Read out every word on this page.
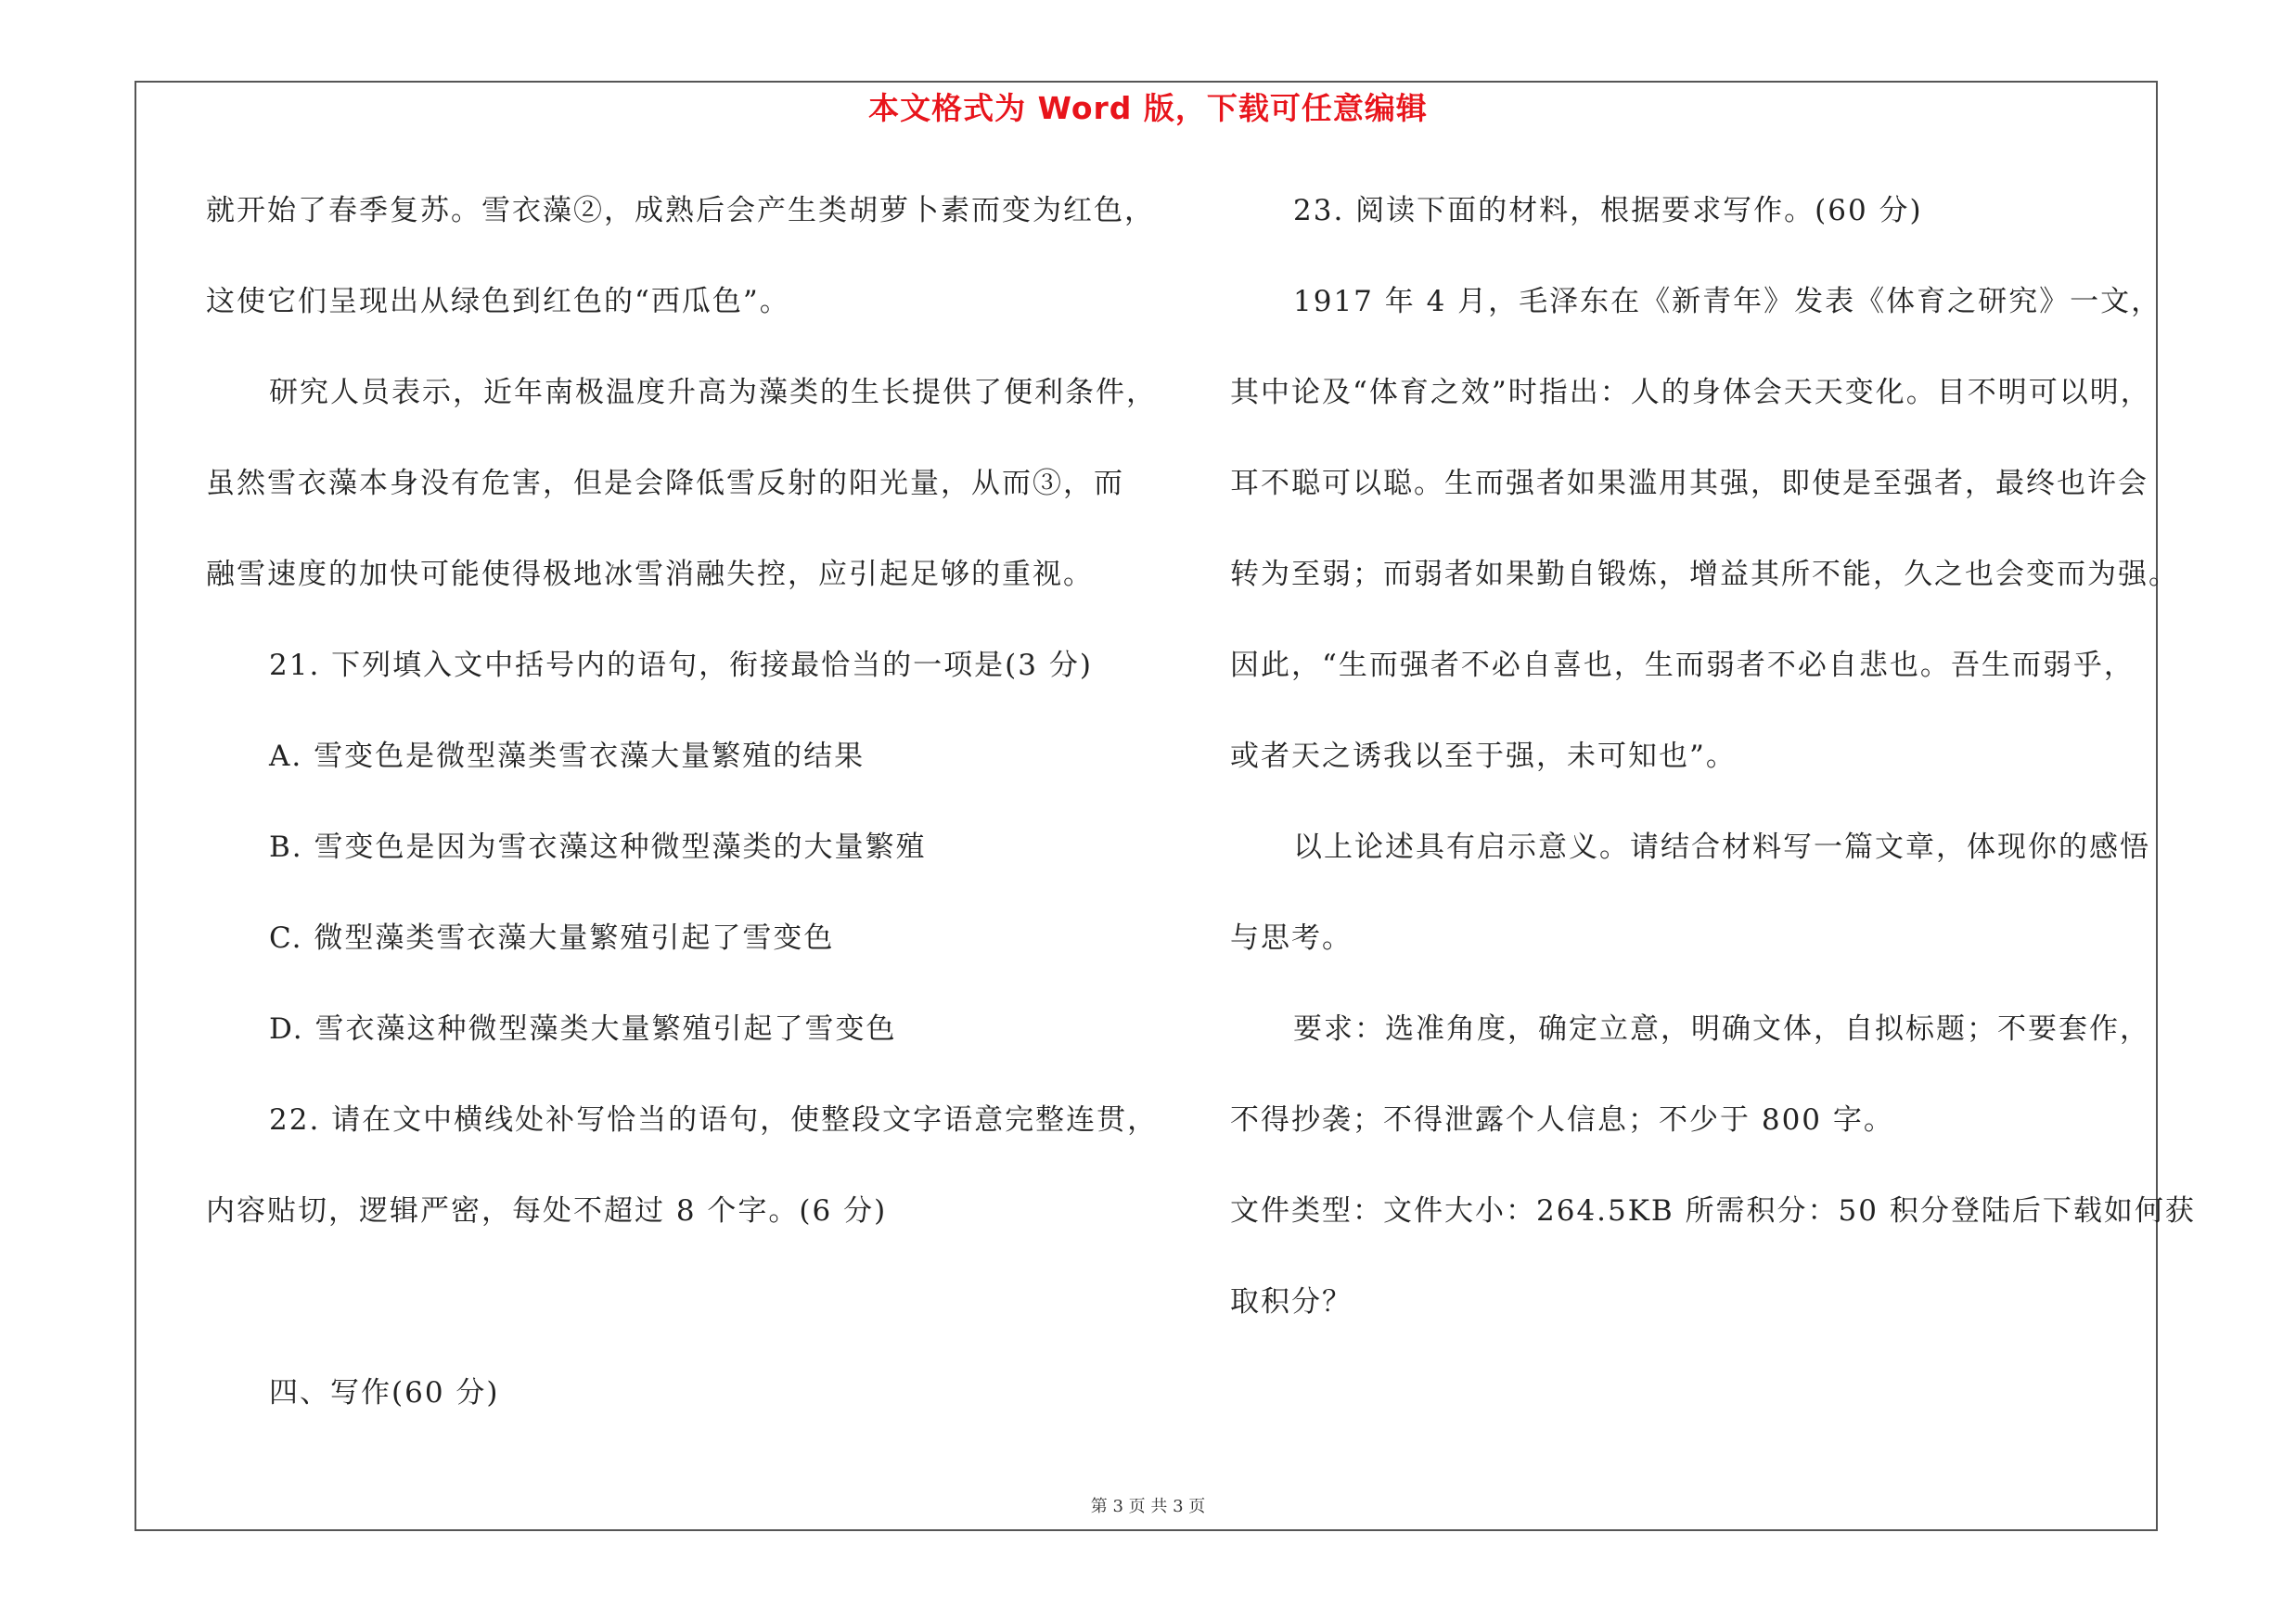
本文格式为 Word 版，下载可任意编辑
就开始了春季复苏。雪衣藻②，成熟后会产生类胡萝卜素而变为红色，
这使它们呈现出从绿色到红色的“西瓜色”。
研究人员表示，近年南极温度升高为藻类的生长提供了便利条件，
虽然雪衣藻本身没有危害，但是会降低雪反射的阳光量，从而③，而
融雪速度的加快可能使得极地冰雪消融失控，应引起足够的重视。
21. 下列填入文中括号内的语句，衔接最恰当的一项是(3 分)
A. 雪变色是微型藻类雪衣藻大量繁殖的结果
B. 雪变色是因为雪衣藻这种微型藻类的大量繁殖
C. 微型藻类雪衣藻大量繁殖引起了雪变色
D. 雪衣藻这种微型藻类大量繁殖引起了雪变色
22. 请在文中横线处补写恰当的语句，使整段文字语意完整连贯，
内容贴切，逻辑严密，每处不超过 8 个字。(6 分)
四、写作(60 分)
23. 阅读下面的材料，根据要求写作。(60 分)
1917 年 4 月，毛泽东在《新青年》发表《体育之研究》一文，
其中论及“体育之效”时指出：人的身体会天天变化。目不明可以明，
耳不聪可以聪。生而强者如果滥用其强，即使是至强者，最终也许会
转为至弱；而弱者如果勤自锻炼，增益其所不能，久之也会变而为强。
因此，“生而强者不必自喜也，生而弱者不必自悲也。吾生而弱乎，
或者天之诱我以至于强，未可知也”。
以上论述具有启示意义。请结合材料写一篇文章，体现你的感悟
与思考。
要求：选准角度，确定立意，明确文体，自拟标题；不要套作，
不得抄袭；不得泄露个人信息；不少于 800 字。
文件类型：文件大小：264.5KB 所需积分：50 积分登陆后下载如何获
取积分？
第 3 页 共 3 页
